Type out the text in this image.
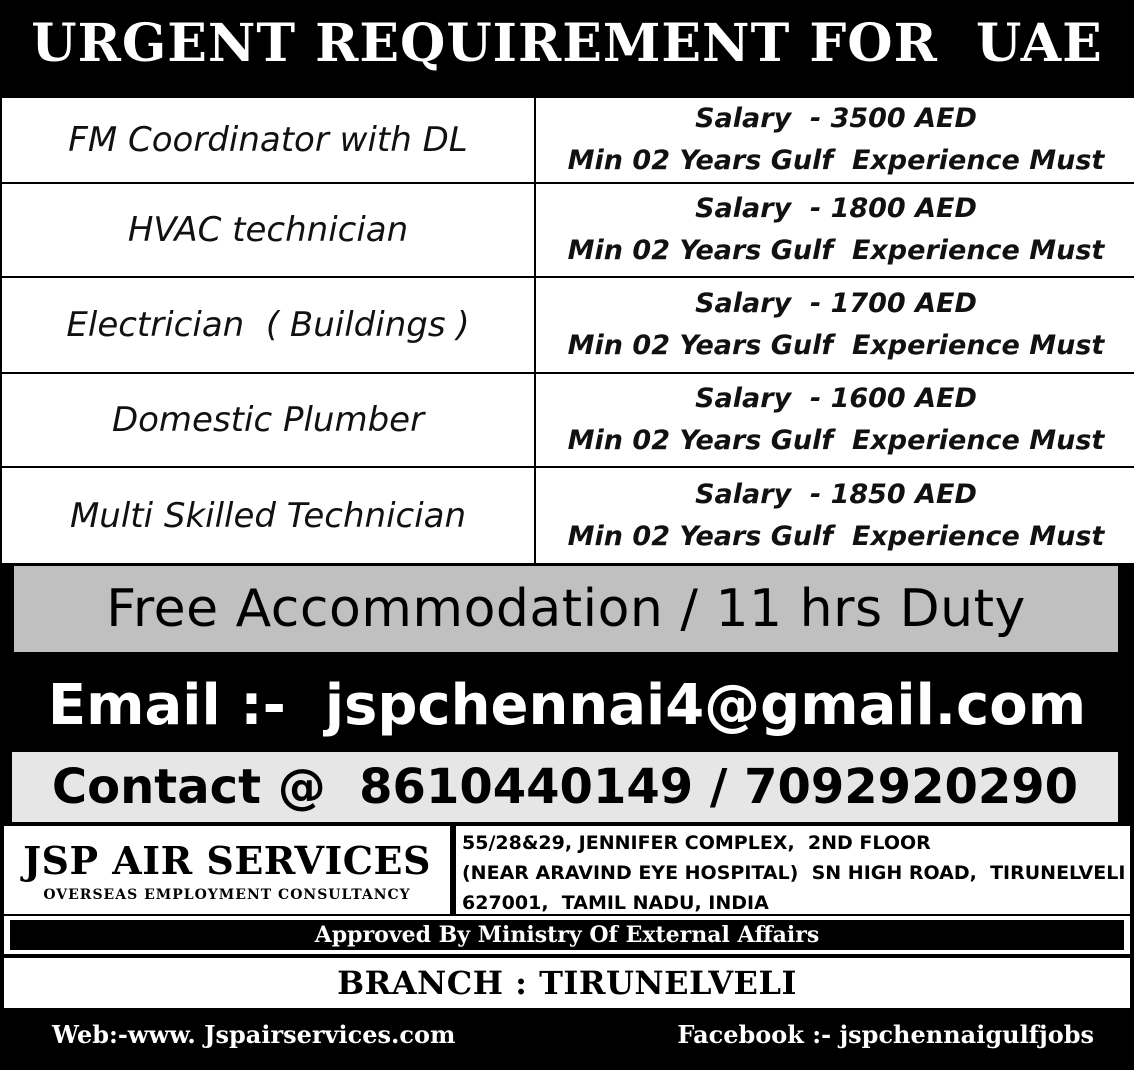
URGENT REQUIREMENT FOR  UAE
FM Coordinator with DL
Salary  - 3500 AED
Min 02 Years Gulf  Experience Must
HVAC technician
Salary  - 1800 AED
Min 02 Years Gulf  Experience Must
Electrician  ( Buildings )
Salary  - 1700 AED
Min 02 Years Gulf  Experience Must
Domestic Plumber
Salary  - 1600 AED
Min 02 Years Gulf  Experience Must
Multi Skilled Technician
Salary  - 1850 AED
Min 02 Years Gulf  Experience Must
Free Accommodation / 11 hrs Duty
Email :-  jspchennai4@gmail.com
Contact @  8610440149 / 7092920290
JSP AIR SERVICES
OVERSEAS EMPLOYMENT CONSULTANCY
55/28&29, JENNIFER COMPLEX,  2ND FLOOR
(NEAR ARAVIND EYE HOSPITAL)  SN HIGH ROAD,  TIRUNELVELI
627001,  TAMIL NADU, INDIA
Approved By Ministry Of External Affairs
BRANCH : TIRUNELVELI
Web:-www. Jspairservices.com	Facebook :- jspchennaigulfjobs
